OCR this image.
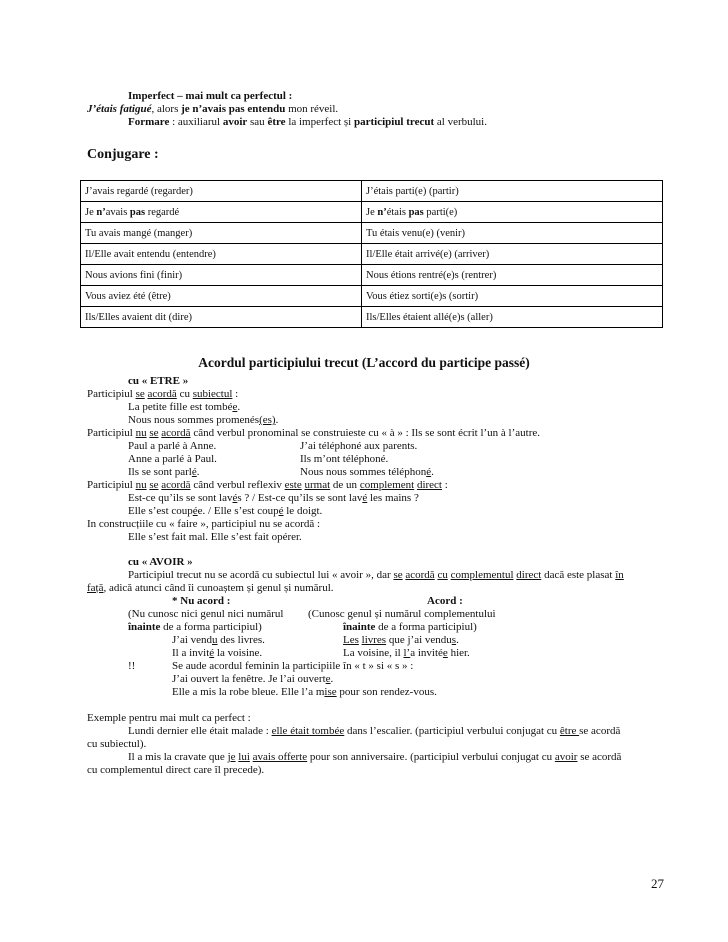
Imperfect – mai mult ca perfectul :
J’étais fatigué, alors je n’avais pas entendu mon réveil.
Formare : auxiliarul avoir sau être la imperfect și participiul trecut al verbului.
Conjugare :
J’avais regardé (regarder)	J’étais parti(e) (partir)
Je n’avais pas regardé	Je n’étais pas parti(e)
Tu avais mangé (manger)	Tu étais venu(e) (venir)
Il/Elle avait entendu (entendre)	Il/Elle était arrivé(e) (arriver)
Nous avions fini (finir)	Nous étions rentré(e)s (rentrer)
Vous aviez été (être)	Vous étiez sorti(e)s (sortir)
Ils/Elles avaient dit (dire)	Ils/Elles étaient allé(e)s (aller)
Acordul participiului trecut (L’accord du participe passé)
cu « ETRE »
Participiul se acordă cu subiectul :
La petite fille est tombée.
Nous nous sommes promenés(es).
Participiul nu se acordă când verbul pronominal se construieste cu « à » : Ils se sont écrit l’un à l’autre.
Paul a parlé à Anne.	J’ai téléphoné aux parents.
Anne a parlé à Paul.	Ils m’ont téléphoné.
Ils se sont parlé.	Nous nous sommes téléphoné.
Participiul nu se acordă când verbul reflexiv este urmat de un complement direct :
Est-ce qu’ils se sont lavés ? / Est-ce qu’ils se sont lavé les mains ?
Elle s’est coupée. / Elle s’est coupé le doigt.
In construcțiile cu « faire », participiul nu se acordă :
Elle s’est fait mal. Elle s’est fait opérer.
cu « AVOIR »
Participiul trecut nu se acordă cu subiectul lui « avoir », dar se acordă cu complementul direct dacă este plasat în
față, adică atunci când îi cunoaștem și genul și numărul.
* Nu acord :	Acord :
(Nu cunosc nici genul nici numărul (Cunosc genul și numărul complementului
înainte de a forma participiul)	înainte de a forma participiul)
J’ai vendu des livres.	Les livres que j’ai vendus.
Il a invité la voisine.	La voisine, il l’a invitée hier.
!!	Se aude acordul feminin la participiile în « t » si « s » :
J’ai ouvert la fenêtre. Je l’ai ouverte.
Elle a mis la robe bleue. Elle l’a mise pour son rendez-vous.
Exemple pentru mai mult ca perfect :
Lundi dernier elle était malade : elle était tombée dans l’escalier. (participiul verbului conjugat cu être se acordă
cu subiectul).
Il a mis la cravate que je lui avais offerte pour son anniversaire. (participiul verbului conjugat cu avoir se acordă
cu complementul direct care îl precede).
27
